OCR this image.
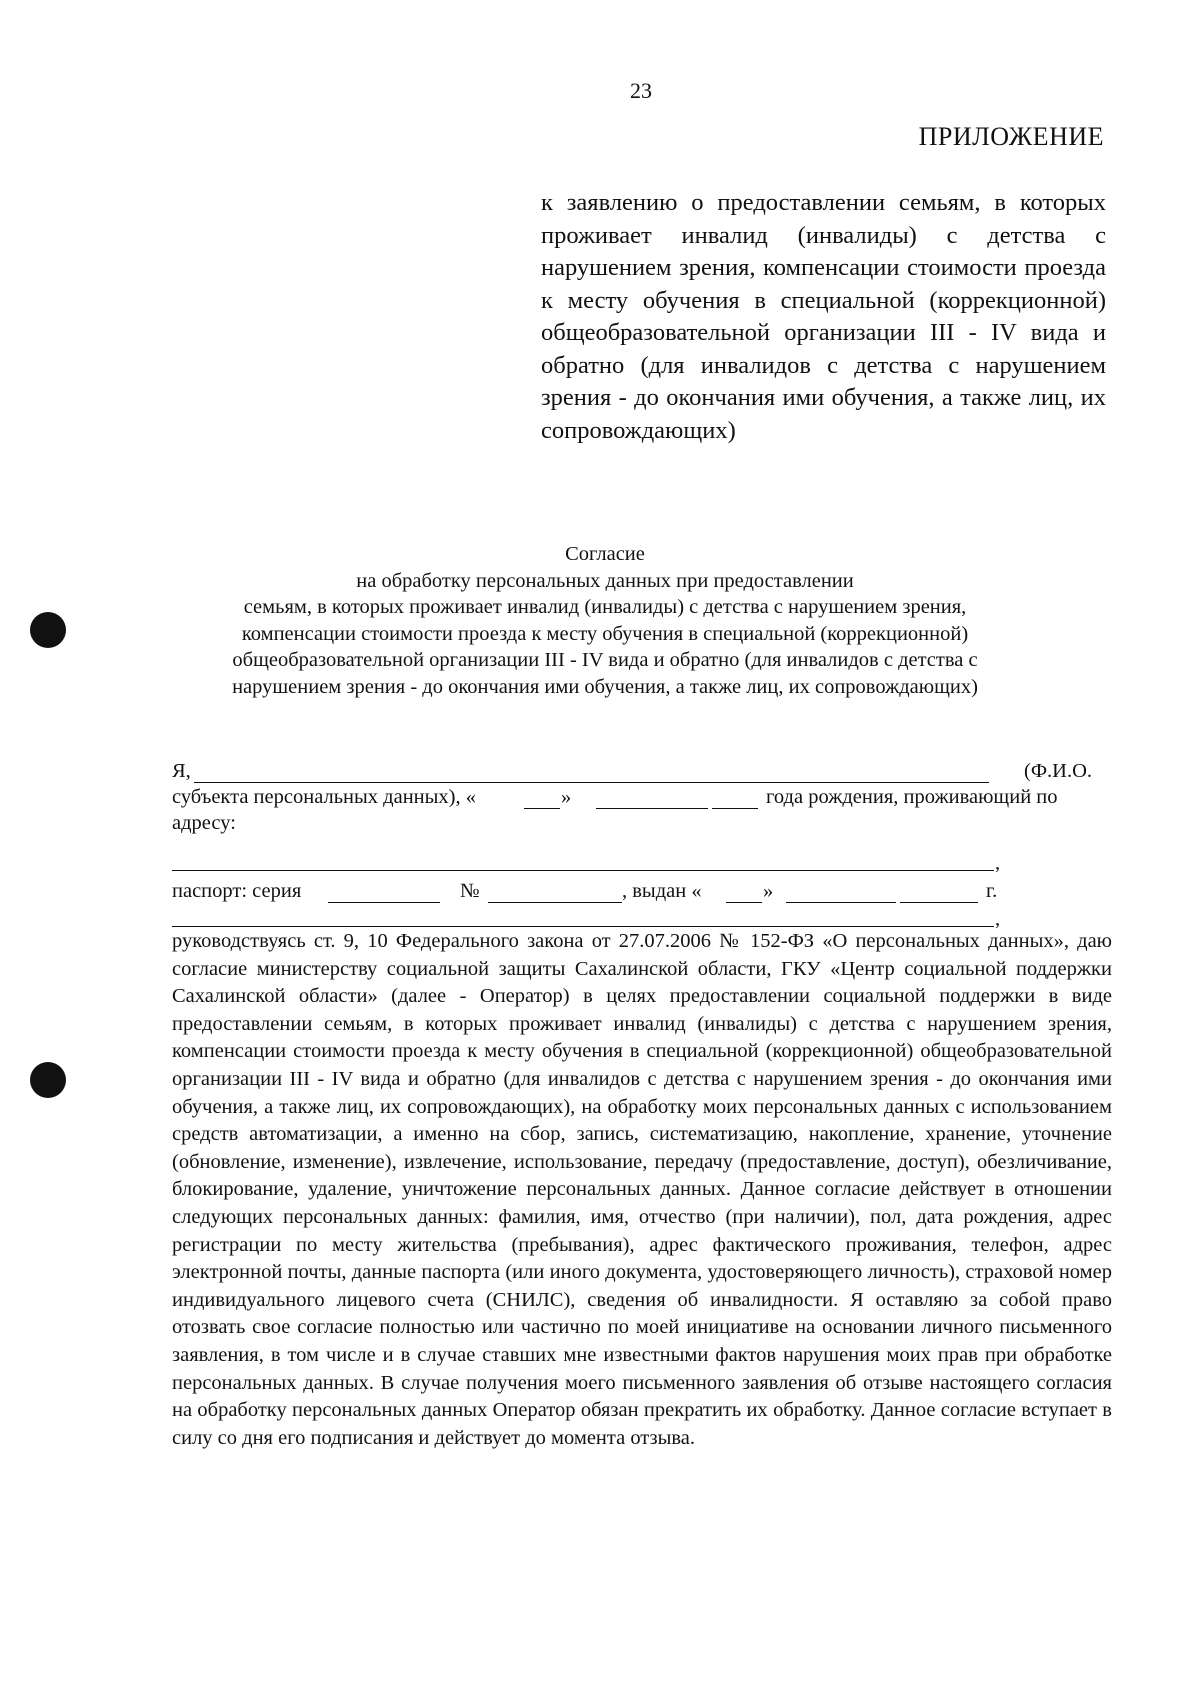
23
ПРИЛОЖЕНИЕ
к заявлению о предоставлении семьям, в которых проживает инвалид (инвалиды) с детства с нарушением зрения, компенсации стоимости проезда к месту обучения в специальной (коррекционной) общеобразовательной организации III - IV вида и обратно (для инвалидов с детства с нарушением зрения - до окончания ими обучения, а также лиц, их сопровождающих)
Согласие
на обработку персональных данных при предоставлении
семьям, в которых проживает инвалид (инвалиды) с детства с нарушением зрения,
компенсации стоимости проезда к месту обучения в специальной (коррекционной)
общеобразовательной организации III - IV вида и обратно (для инвалидов с детства с
нарушением зрения - до окончания ими обучения, а также лиц, их сопровождающих)
Я,	(Ф.И.О.
субъекта персональных данных), «	»	года рождения, проживающий по
адресу:
,
паспорт: серия	№	, выдан «	»	г.
,
руководствуясь ст. 9, 10 Федерального закона от 27.07.2006 № 152-ФЗ «О персональных данных», даю согласие министерству социальной защиты Сахалинской области, ГКУ «Центр социальной поддержки Сахалинской области» (далее - Оператор) в целях предоставлении социальной поддержки в виде предоставлении семьям, в которых проживает инвалид (инвалиды) с детства с нарушением зрения, компенсации стоимости проезда к месту обучения в специальной (коррекционной) общеобразовательной организации III - IV вида и обратно (для инвалидов с детства с нарушением зрения - до окончания ими обучения, а также лиц, их сопровождающих), на обработку моих персональных данных с использованием средств автоматизации, а именно на сбор, запись, систематизацию, накопление, хранение, уточнение (обновление, изменение), извлечение, использование, передачу (предоставление, доступ), обезличивание, блокирование, удаление, уничтожение персональных данных. Данное согласие действует в отношении следующих персональных данных: фамилия, имя, отчество (при наличии), пол, дата рождения, адрес регистрации по месту жительства (пребывания), адрес фактического проживания, телефон, адрес электронной почты, данные паспорта (или иного документа, удостоверяющего личность), страховой номер индивидуального лицевого счета (СНИЛС), сведения об инвалидности. Я оставляю за собой право отозвать свое согласие полностью или частично по моей инициативе на основании личного письменного заявления, в том числе и в случае ставших мне известными фактов нарушения моих прав при обработке персональных данных. В случае получения моего письменного заявления об отзыве настоящего согласия на обработку персональных данных Оператор обязан прекратить их обработку. Данное согласие вступает в силу со дня его подписания и действует до момента отзыва.
